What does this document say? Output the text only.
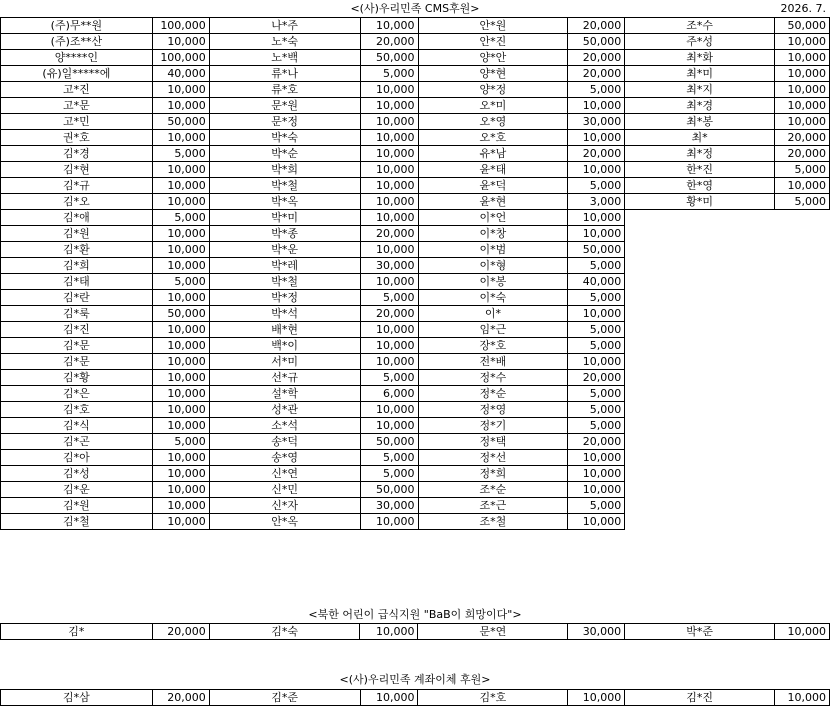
<(사)우리민족 CMS후원>	2026. 7.
(주)무**원	100,000	나*주	10,000	안*원	20,000	조*수	50,000
(주)조**산	10,000	노*숙	20,000	안*진	50,000	주*성	10,000
양****인	100,000	노*백	50,000	양*안	20,000	최*화	10,000
(유)일*****에	40,000	류*나	5,000	양*현	20,000	최*미	10,000
고*진	10,000	류*호	10,000	양*정	5,000	최*지	10,000
고*문	10,000	문*원	10,000	오*미	10,000	최*경	10,000
고*민	50,000	문*정	10,000	오*영	30,000	최*봉	10,000
권*호	10,000	박*숙	10,000	오*호	10,000	최*	20,000
김*경	5,000	박*순	10,000	유*남	20,000	최*정	20,000
김*현	10,000	박*희	10,000	윤*태	10,000	한*진	5,000
김*규	10,000	박*철	10,000	윤*덕	5,000	한*영	10,000
김*오	10,000	박*옥	10,000	윤*현	3,000	황*미	5,000
김*애	5,000	박*미	10,000	이*언	10,000		
김*원	10,000	박*종	20,000	이*창	10,000		
김*환	10,000	박*운	10,000	이*범	50,000		
김*희	10,000	박*레	30,000	이*형	5,000		
김*태	5,000	박*철	10,000	이*봉	40,000		
김*란	10,000	박*정	5,000	이*숙	5,000		
김*룩	50,000	박*석	20,000	이*	10,000		
김*진	10,000	배*현	10,000	임*근	5,000		
김*문	10,000	백*이	10,000	장*호	5,000		
김*문	10,000	서*미	10,000	전*배	10,000		
김*황	10,000	선*규	5,000	정*수	20,000		
김*은	10,000	설*학	6,000	정*순	5,000		
김*호	10,000	성*관	10,000	정*영	5,000		
김*식	10,000	소*석	10,000	정*기	5,000		
김*곤	5,000	송*덕	50,000	정*택	20,000		
김*아	10,000	송*영	5,000	정*선	10,000		
김*성	10,000	신*연	5,000	정*희	10,000		
김*운	10,000	신*민	50,000	조*순	10,000		
김*원	10,000	신*자	30,000	조*근	5,000		
김*철	10,000	안*옥	10,000	조*철	10,000		
<북한 어린이 급식지원 "BaB이 희망이다">
김*	20,000	김*숙	10,000	문*연	30,000	박*준	10,000
<(사)우리민족 계좌이체 후원>
김*삼	20,000	김*준	10,000	김*호	10,000	김*진	10,000
